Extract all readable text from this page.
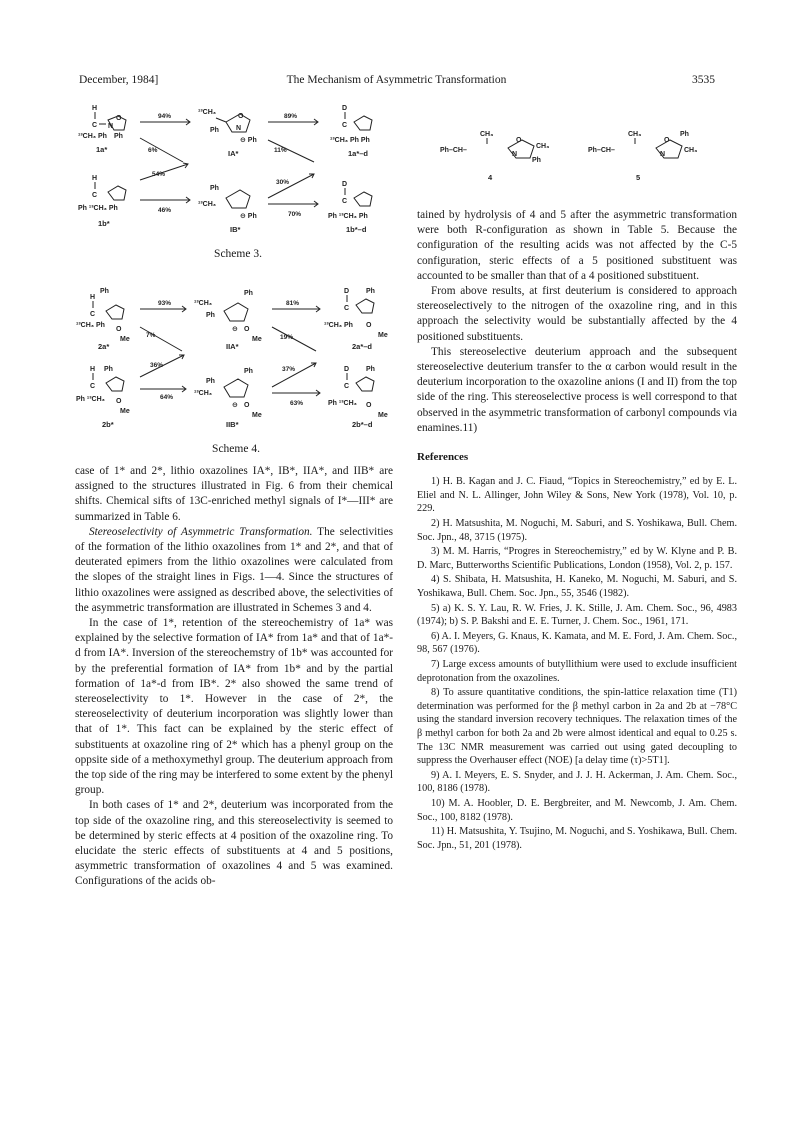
December, 1984]	The Mechanism of Asymmetric Transformation	3535
H
C
O
N
¹³CH₃ Ph Ph
1a*
94%
6%
¹³CH₃
O
N
Ph
⊖ Ph
IA*
89%
11%
D
C
¹³CH₃ Ph Ph
1a*–d
H
C
Ph ¹³CH₃ Ph
1b*
54%
46%
Ph
¹³CH₃
⊖ Ph
IB*
30%
70%
D
C
Ph ¹³CH₃ Ph
1b*–d
Scheme 3.
Ph
H
C
¹³CH₃ Ph
O
Me
2a*
93%
7%
Ph
¹³CH₃
Ph
⊖ O
Me
IIA*
81%
19%
D Ph
C
¹³CH₃ Ph O
Me
2a*–d
H Ph
C
Ph ¹³CH₃ O
Me
2b*
36%
64%
Ph
Ph
¹³CH₃
⊖ O
Me
IIB*
37%
63%
D Ph
C
Ph ¹³CH₃ O
Me
2b*–d
Scheme 4.
CH₃
Ph–CH–
O
N
CH₃
Ph
4
CH₃	Ph
Ph–CH–
O
N
CH₃
5

case of 1* and 2*, lithio oxazolines IA*, IB*, IIA*, and IIB* are assigned to the structures illustrated in Fig. 6 from their chemical shifts. Chemical sifts of 13C-enriched methyl signals of I*—III* are summarized in Table 6.

Stereoselectivity of Asymmetric Transformation. The selectivities of the formation of the lithio oxazolines from 1* and 2*, and that of deuterated epimers from the lithio oxazolines were calculated from the slopes of the straight lines in Figs. 1—4. Since the structures of lithio oxazolines were assigned as described above, the selectivities of the asymmetric transformation are illustrated in Schemes 3 and 4.

In the case of 1*, retention of the stereochemistry of 1a* was explained by the selective formation of IA* from 1a* and that of 1a*-d from IA*. Inversion of the stereochemstry of 1b* was accounted for by the preferential formation of IA* from 1b* and by the partial formation of 1a*-d from IB*. 2* also showed the same trend of stereoselectivity to 1*. However in the case of 2*, the stereoselectivity of deuterium incorporation was slightly lower than that of 1*. This fact can be explained by the steric effect of substituents at oxazoline ring of 2* which has a phenyl group on the oppsite side of a methoxymethyl group. The deuterium approach from the top side of the ring may be interfered to some extent by the phenyl group.

In both cases of 1* and 2*, deuterium was incorporated from the top side of the oxazoline ring, and this stereoselectivity is seemed to be determined by steric effects at 4 position of the oxazoline ring. To elucidate the steric effects of substituents at 4 and 5 positions, asymmetric transformation of oxazolines 4 and 5 was examined. Configurations of the acids ob-

tained by hydrolysis of 4 and 5 after the asymmetric transformation were both R-configuration as shown in Table 5. Because the configuration of the resulting acids was not affected by the C-5 configuration, steric effects of a 5 positioned substituent was accounted to be smaller than that of a 4 positioned substituent.

From above results, at first deuterium is considered to approach stereoselectively to the nitrogen of the oxazoline ring, and in this approach the selectivity would be substantially affected by the 4 positioned substituents.

This stereoselective deuterium approach and the subsequent stereoselective deuterium transfer to the α carbon would result in the deuterium incorporation to the oxazoline anions (I and II) from the top side of the ring. This stereoselective process is well correspond to that observed in the asymmetric transformation of carbonyl compounds via enamines.11)

References

1) H. B. Kagan and J. C. Fiaud, “Topics in Stereochemistry,” ed by E. L. Eliel and N. L. Allinger, John Wiley & Sons, New York (1978), Vol. 10, p. 229.

2) H. Matsushita, M. Noguchi, M. Saburi, and S. Yoshikawa, Bull. Chem. Soc. Jpn., 48, 3715 (1975).

3) M. M. Harris, “Progres in Stereochemistry,” ed by W. Klyne and P. B. D. Marc, Butterworths Scientific Publications, London (1958), Vol. 2, p. 157.

4) S. Shibata, H. Matsushita, H. Kaneko, M. Noguchi, M. Saburi, and S. Yoshikawa, Bull. Chem. Soc. Jpn., 55, 3546 (1982).

5) a) K. S. Y. Lau, R. W. Fries, J. K. Stille, J. Am. Chem. Soc., 96, 4983 (1974); b) S. P. Bakshi and E. E. Turner, J. Chem. Soc., 1961, 171.

6) A. I. Meyers, G. Knaus, K. Kamata, and M. E. Ford, J. Am. Chem. Soc., 98, 567 (1976).

7) Large excess amounts of butyllithium were used to exclude insufficient deprotonation from the oxazolines.

8) To assure quantitative conditions, the spin-lattice relaxation time (T1) determination was performed for the β methyl carbon in 2a and 2b at −78°C using the standard inversion recovery techniques. The relaxation times of the β methyl carbon for both 2a and 2b were almost identical and equal to 0.25 s. The 13C NMR measurement was carried out using gated decoupling to suppress the Overhauser effect (NOE) [a delay time (τ)>5T1].

9) A. I. Meyers, E. S. Snyder, and J. J. H. Ackerman, J. Am. Chem. Soc., 100, 8186 (1978).

10) M. A. Hoobler, D. E. Bergbreiter, and M. Newcomb, J. Am. Chem. Soc., 100, 8182 (1978).

11) H. Matsushita, Y. Tsujino, M. Noguchi, and S. Yoshikawa, Bull. Chem. Soc. Jpn., 51, 201 (1978).
